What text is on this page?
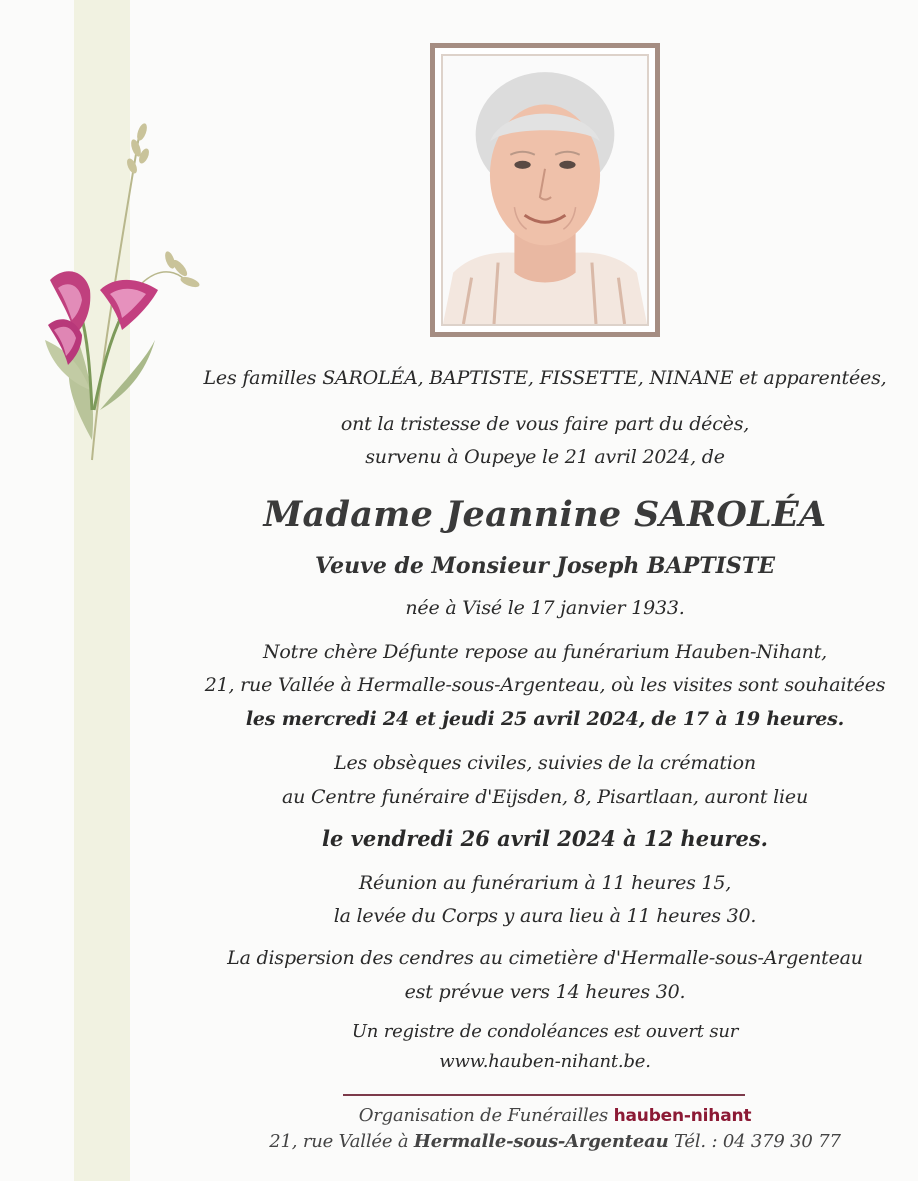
Les familles SAROLÉA, BAPTISTE, FISSETTE, NINANE et apparentées,
ont la tristesse de vous faire part du décès,
survenu à Oupeye le 21 avril 2024, de
Madame Jeannine SAROLÉA
Veuve de Monsieur Joseph BAPTISTE
née à Visé le 17 janvier 1933.
Notre chère Défunte repose au funérarium Hauben-Nihant,
21, rue Vallée à Hermalle-sous-Argenteau, où les visites sont souhaitées
les mercredi 24 et jeudi 25 avril 2024, de 17 à 19 heures.
Les obsèques civiles, suivies de la crémation
au Centre funéraire d'Eijsden, 8, Pisartlaan, auront lieu
le vendredi 26 avril 2024 à 12 heures.
Réunion au funérarium à 11 heures 15,
la levée du Corps y aura lieu à 11 heures 30.
La dispersion des cendres au cimetière d'Hermalle-sous-Argenteau
est prévue vers 14 heures 30.
Un registre de condoléances est ouvert sur
www.hauben-nihant.be.
Organisation de Funérailles hauben-nihant
21, rue Vallée à Hermalle-sous-Argenteau Tél. : 04 379 30 77
